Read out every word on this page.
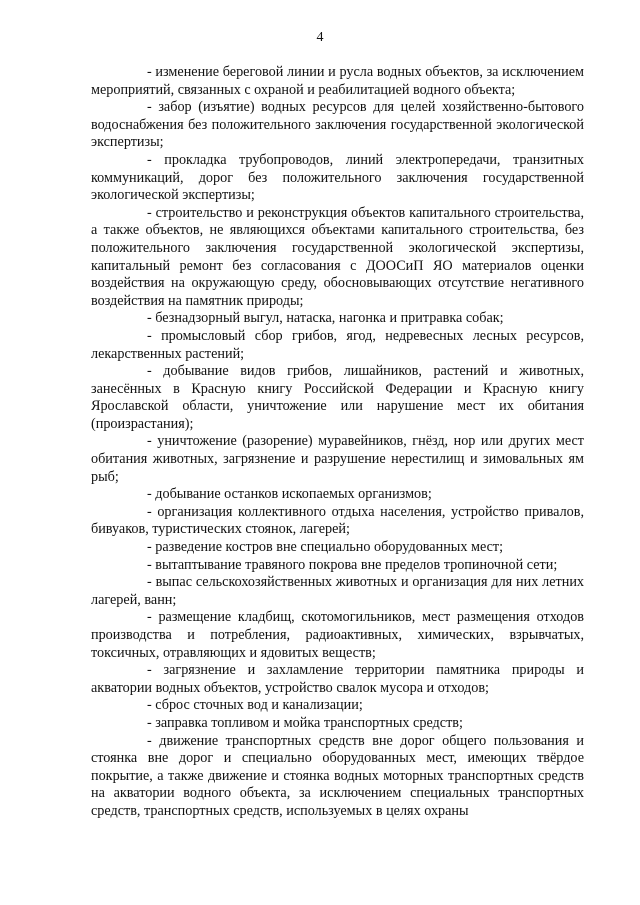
4

- изменение береговой линии и русла водных объектов, за исключением мероприятий, связанных с охраной и реабилитацией водного объекта;

- забор (изъятие) водных ресурсов для целей хозяйственно-бытового водоснабжения без положительного заключения государственной экологической экспертизы;

- прокладка трубопроводов, линий электропередачи, транзитных коммуникаций, дорог без положительного заключения государственной экологической экспертизы;

- строительство и реконструкция объектов капитального строительства, а также объектов, не являющихся объектами капитального строительства, без положительного заключения государственной экологической экспертизы, капитальный ремонт без согласования с ДООСиП ЯО материалов оценки воздействия на окружающую среду, обосновывающих отсутствие негативного воздействия на памятник природы;

- безнадзорный выгул, натаска, нагонка и притравка собак;

- промысловый сбор грибов, ягод, недревесных лесных ресурсов, лекарственных растений;

- добывание видов грибов, лишайников, растений и животных, занесённых в Красную книгу Российской Федерации и Красную книгу Ярославской области, уничтожение или нарушение мест их обитания (произрастания);

- уничтожение (разорение) муравейников, гнёзд, нор или других мест обитания животных, загрязнение и разрушение нерестилищ и зимовальных ям рыб;

- добывание останков ископаемых организмов;

- организация коллективного отдыха населения, устройство привалов, бивуаков, туристических стоянок, лагерей;

- разведение костров вне специально оборудованных мест;

- вытаптывание травяного покрова вне пределов тропиночной сети;

- выпас сельскохозяйственных животных и организация для них летних лагерей, ванн;

- размещение кладбищ, скотомогильников, мест размещения отходов производства и потребления, радиоактивных, химических, взрывчатых, токсичных, отравляющих и ядовитых веществ;

- загрязнение и захламление территории памятника природы и акватории водных объектов, устройство свалок мусора и отходов;

- сброс сточных вод и канализации;

- заправка топливом и мойка транспортных средств;

- движение транспортных средств вне дорог общего пользования и стоянка вне дорог и специально оборудованных мест, имеющих твёрдое покрытие, а также движение и стоянка водных моторных транспортных средств на акватории водного объекта, за исключением специальных транспортных средств, транспортных средств, используемых в целях охраны
